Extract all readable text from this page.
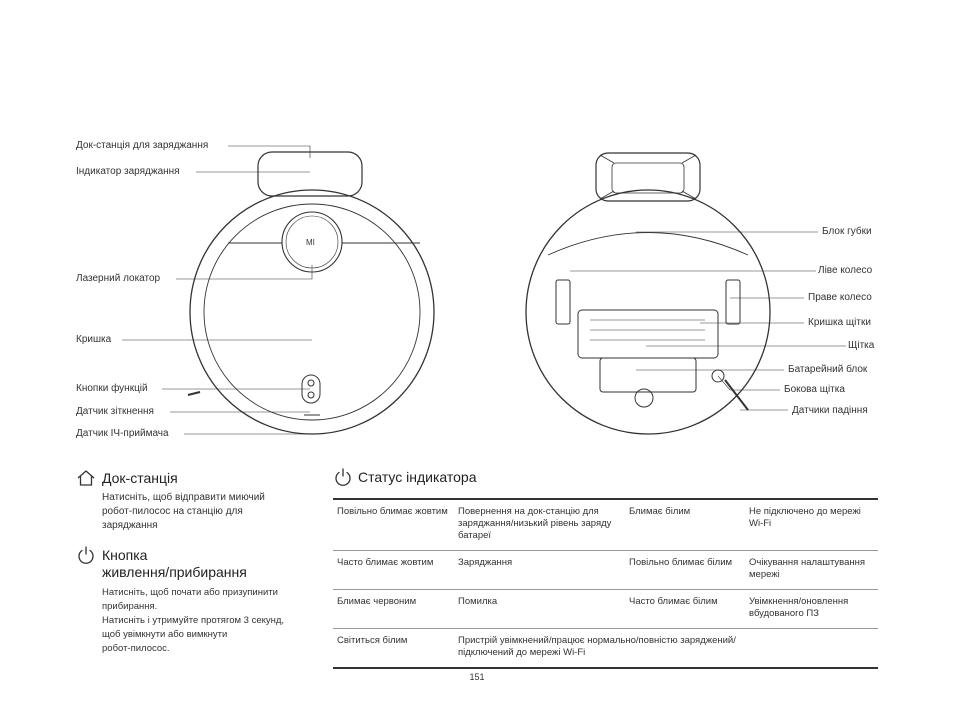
MI
Док-станція для заряджання
Індикатор заряджання
Лазерний локатор
Кришка
Кнопки функцій
Датчик зіткнення
Датчик ІЧ-приймача
Блок губки
Ліве колесо
Праве колесо
Кришка щітки
Щітка
Батарейний блок
Бокова щітка
Датчики падіння
Док-станція

Натисніть, щоб відправити миючий

робот-пилосос на станцію для

заряджання

Кнопка
живлення/прибирання

Натисніть, щоб почати або призупинити

прибирання.

Натисніть і утримуйте протягом 3 секунд,

щоб увімкнути або вимкнути

робот-пилосос.

Статус індикатора
Повільно блимає жовтим	Повернення на док-станцію для заряджання/низький рівень заряду батареї	Блимає білим	Не підключено до мережі Wi-Fi
Часто блимає жовтим	Заряджання	Повільно блимає білим	Очікування налаштування мережі
Блимає червоним	Помилка	Часто блимає білим	Увімкнення/оновлення вбудованого ПЗ
Світиться білим	Пристрій увімкнений/працює нормально/повністю заряджений/підключений до мережі Wi-Fi		
151
